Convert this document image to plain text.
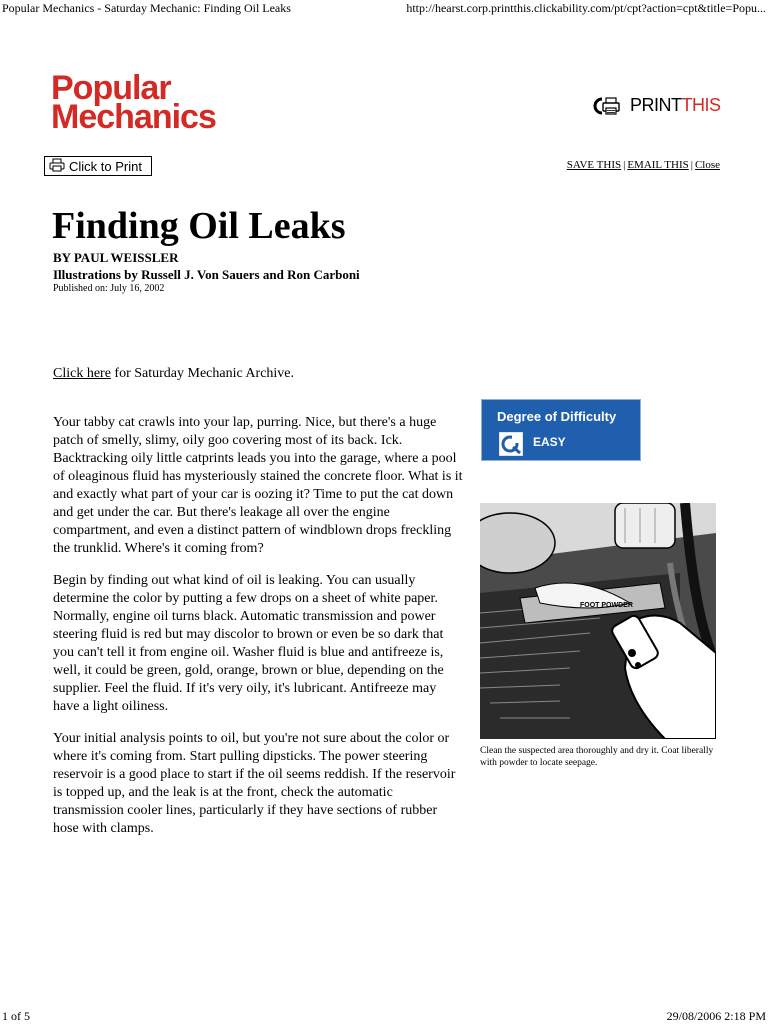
Popular Mechanics - Saturday Mechanic: Finding Oil Leaks	http://hearst.corp.printthis.clickability.com/pt/cpt?action=cpt&title=Popu...
Popular
Mechanics	PRINTTHIS
Click to Print	SAVE THIS | EMAIL THIS | Close
Finding Oil Leaks
BY PAUL WEISSLER
Illustrations by Russell J. Von Sauers and Ron Carboni
Published on: July 16, 2002
Click here for Saturday Mechanic Archive.

Your tabby cat crawls into your lap, purring. Nice, but there's a huge patch of smelly, slimy, oily goo covering most of its back. Ick. Backtracking oily little catprints leads you into the garage, where a pool of oleaginous fluid has mysteriously stained the concrete floor. What is it and exactly what part of your car is oozing it? Time to put the cat down and get under the car. But there's leakage all over the engine compartment, and even a distinct pattern of windblown drops freckling the trunklid. Where's it coming from?

Begin by finding out what kind of oil is leaking. You can usually determine the color by putting a few drops on a sheet of white paper. Normally, engine oil turns black. Automatic transmission and power steering fluid is red but may discolor to brown or even be so dark that you can't tell it from engine oil. Washer fluid is blue and antifreeze is, well, it could be green, gold, orange, brown or blue, depending on the supplier. Feel the fluid. If it's very oily, it's lubricant. Antifreeze may have a light oiliness.

Your initial analysis points to oil, but you're not sure about the color or where it's coming from. Start pulling dipsticks. The power steering reservoir is a good place to start if the oil seems reddish. If the reservoir is topped up, and the leak is at the front, check the automatic transmission cooler lines, particularly if they have sections of rubber hose with clamps.

Degree of Difficulty
EASY
FOOT POWDER
Clean the suspected area thoroughly and dry it. Coat liberally with powder to locate seepage.
1 of 5	29/08/2006 2:18 PM
